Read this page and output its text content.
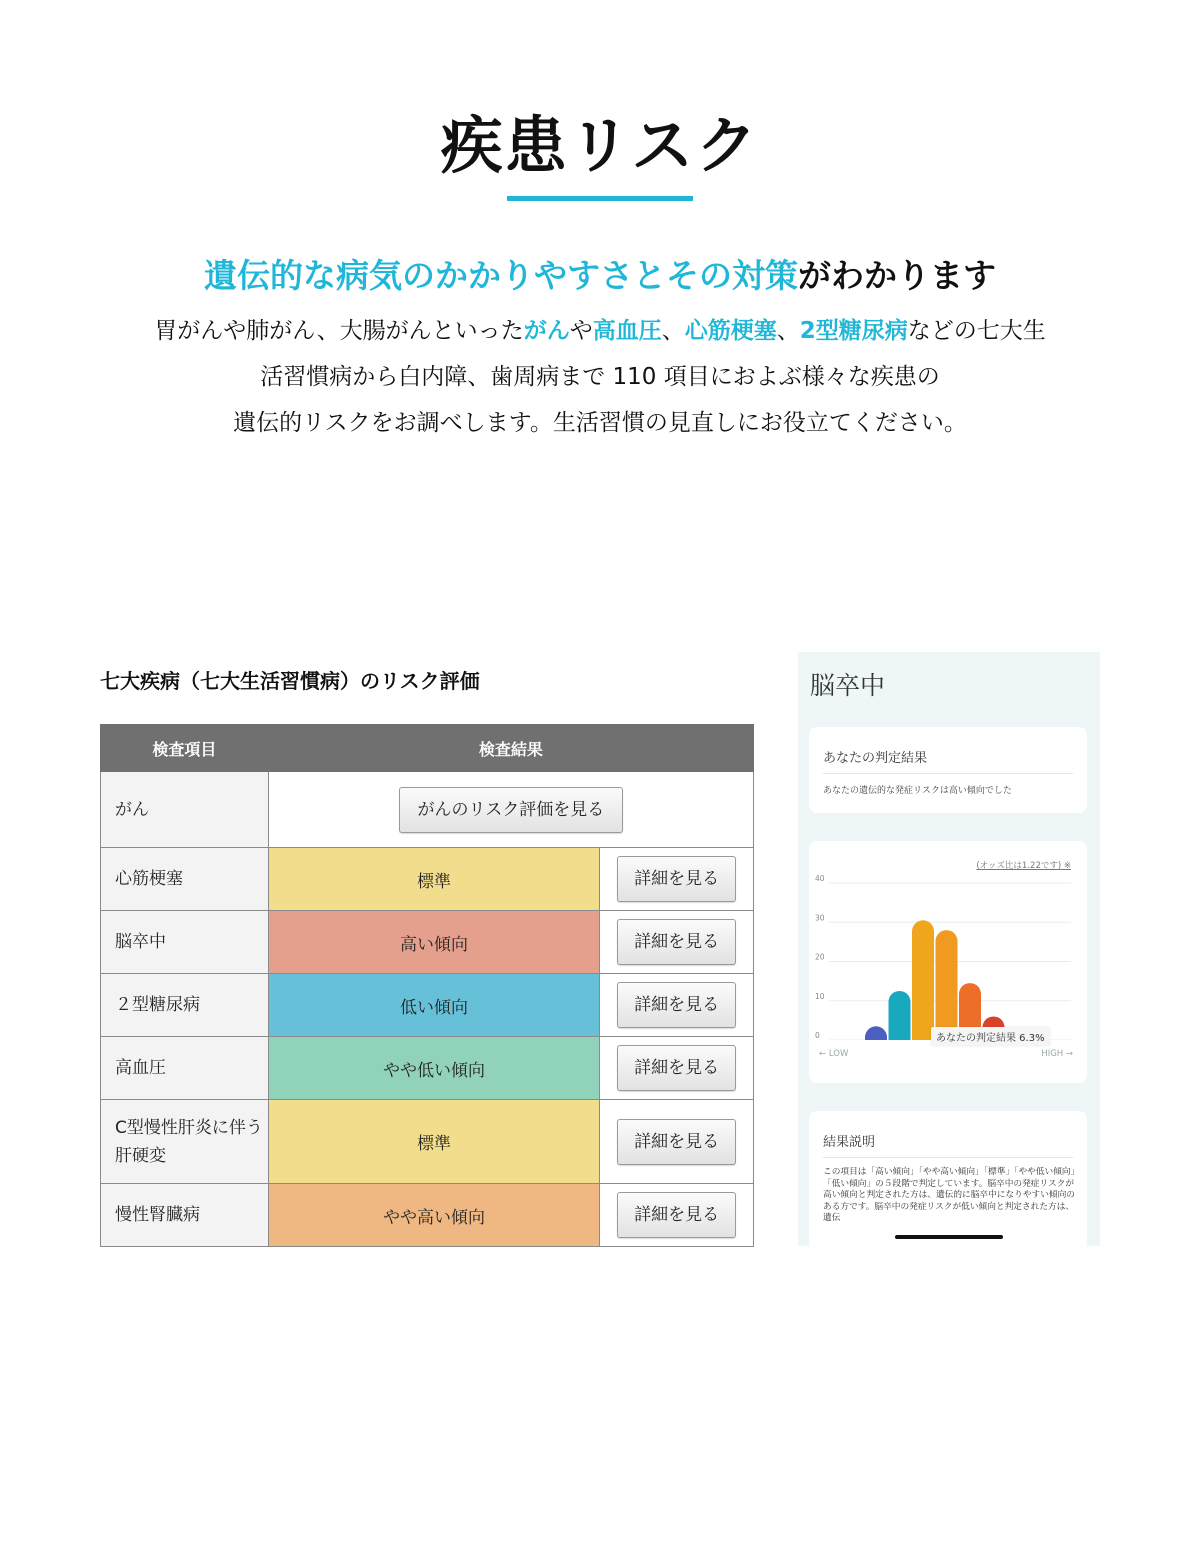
疾患リスク
遺伝的な病気のかかりやすさとその対策がわかります
胃がんや肺がん、大腸がんといったがんや高血圧、心筋梗塞、2型糖尿病などの七大生
活習慣病から白内障、歯周病まで 110 項目におよぶ様々な疾患の
遺伝的リスクをお調べします。生活習慣の見直しにお役立てください。
七大疾病（七大生活習慣病）のリスク評価
検査項目	検査結果	
がん	がんのリスク評価を見る	
心筋梗塞	標準	詳細を見る
脳卒中	高い傾向	詳細を見る
２型糖尿病	低い傾向	詳細を見る
高血圧	やや低い傾向	詳細を見る
C型慢性肝炎に伴う肝硬変	標準	詳細を見る
慢性腎臓病	やや高い傾向	詳細を見る
脳卒中
あなたの判定結果
あなたの遺伝的な発症リスクは高い傾向でした
(オッズ比は1.22です) ※
40
30
20
10
0	あなたの判定結果 6.3%
← LOW	HIGH →
結果説明
この項目は「高い傾向」「やや高い傾向」「標準」「やや低い傾向」「低い傾向」の５段階で判定しています。脳卒中の発症リスクが高い傾向と判定された方は、遺伝的に脳卒中になりやすい傾向のある方です。脳卒中の発症リスクが低い傾向と判定された方は、遺伝
